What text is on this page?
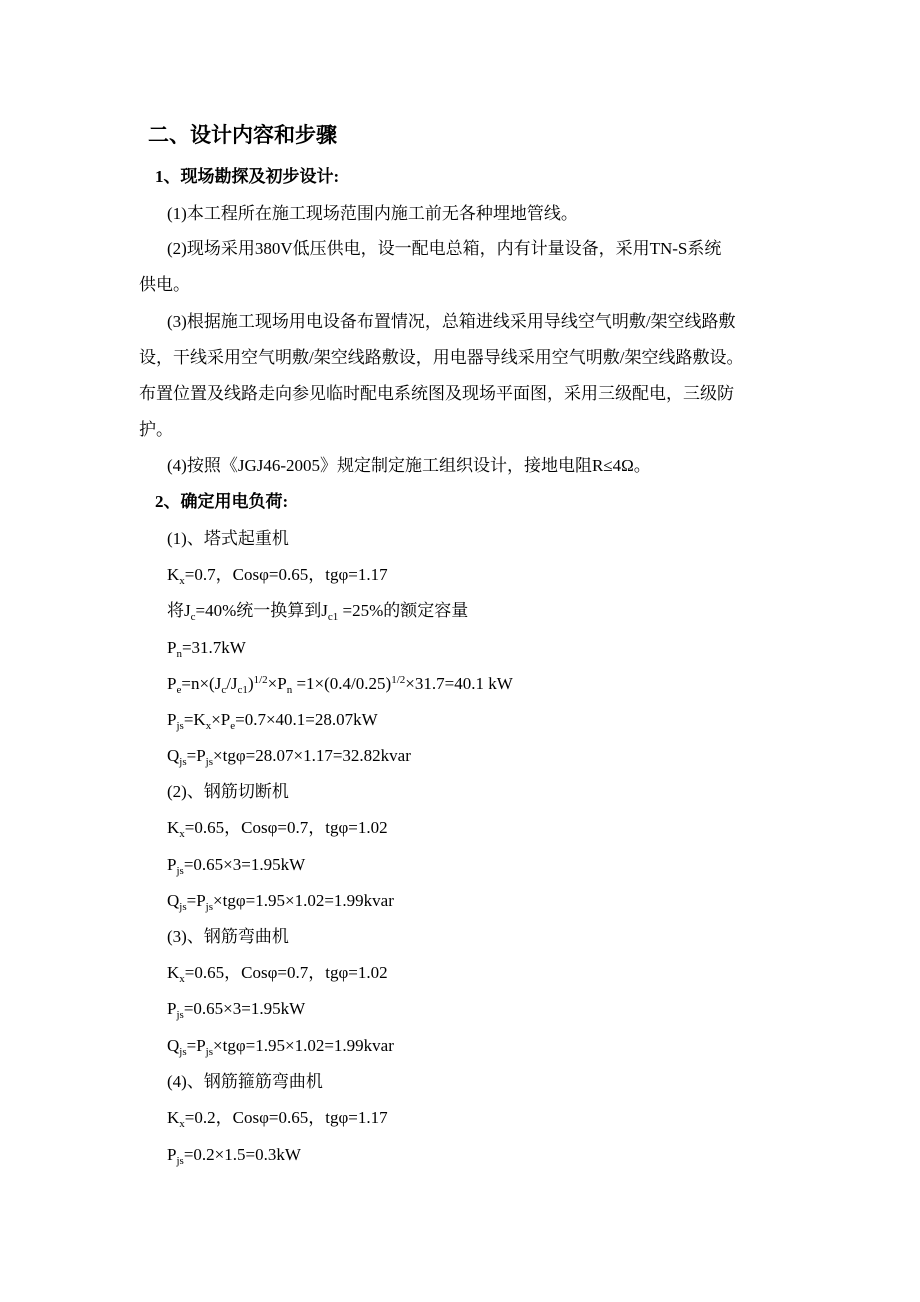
二、设计内容和步骤
1、现场勘探及初步设计:
(1)本工程所在施工现场范围内施工前无各种埋地管线。
(2)现场采用380V低压供电，设一配电总箱，内有计量设备，采用TN-S系统
供电。
(3)根据施工现场用电设备布置情况，总箱进线采用导线空气明敷/架空线路敷
设，干线采用空气明敷/架空线路敷设，用电器导线采用空气明敷/架空线路敷设。
布置位置及线路走向参见临时配电系统图及现场平面图，采用三级配电，三级防
护。
(4)按照《JGJ46-2005》规定制定施工组织设计，接地电阻R≤4Ω。
2、确定用电负荷:
(1)、塔式起重机
$K_x=0.7$，Cosφ=0.65，tgφ=1.17
将$J_c=40\%$统一换算到$J_{c1} =25\%$的额定容量
$P_n=31.7kW$
$P_e=n\times(J_c/J_{c1})^{1/2}\times P_n =1\times(0.4/0.25)^{1/2}\times 31.7=40.1$ kW
$P_{js}=K_x\times P_e=0.7\times 40.1=28.07kW$
$Q_{js}=P_{js}\times tg\varphi=28.07\times 1.17=32.82kvar$
(2)、钢筋切断机
$K_x=0.65$，Cosφ=0.7，tgφ=1.02
$P_{js}=0.65\times 3=1.95kW$
$Q_{js}=P_{js}\times tg\varphi=1.95\times 1.02=1.99kvar$
(3)、钢筋弯曲机
$K_x=0.65$，Cosφ=0.7，tgφ=1.02
$P_{js}=0.65\times 3=1.95kW$
$Q_{js}=P_{js}\times tg\varphi=1.95\times 1.02=1.99kvar$
(4)、钢筋箍筋弯曲机
$K_x=0.2$，Cosφ=0.65，tgφ=1.17
$P_{js}=0.2\times 1.5=0.3kW$
